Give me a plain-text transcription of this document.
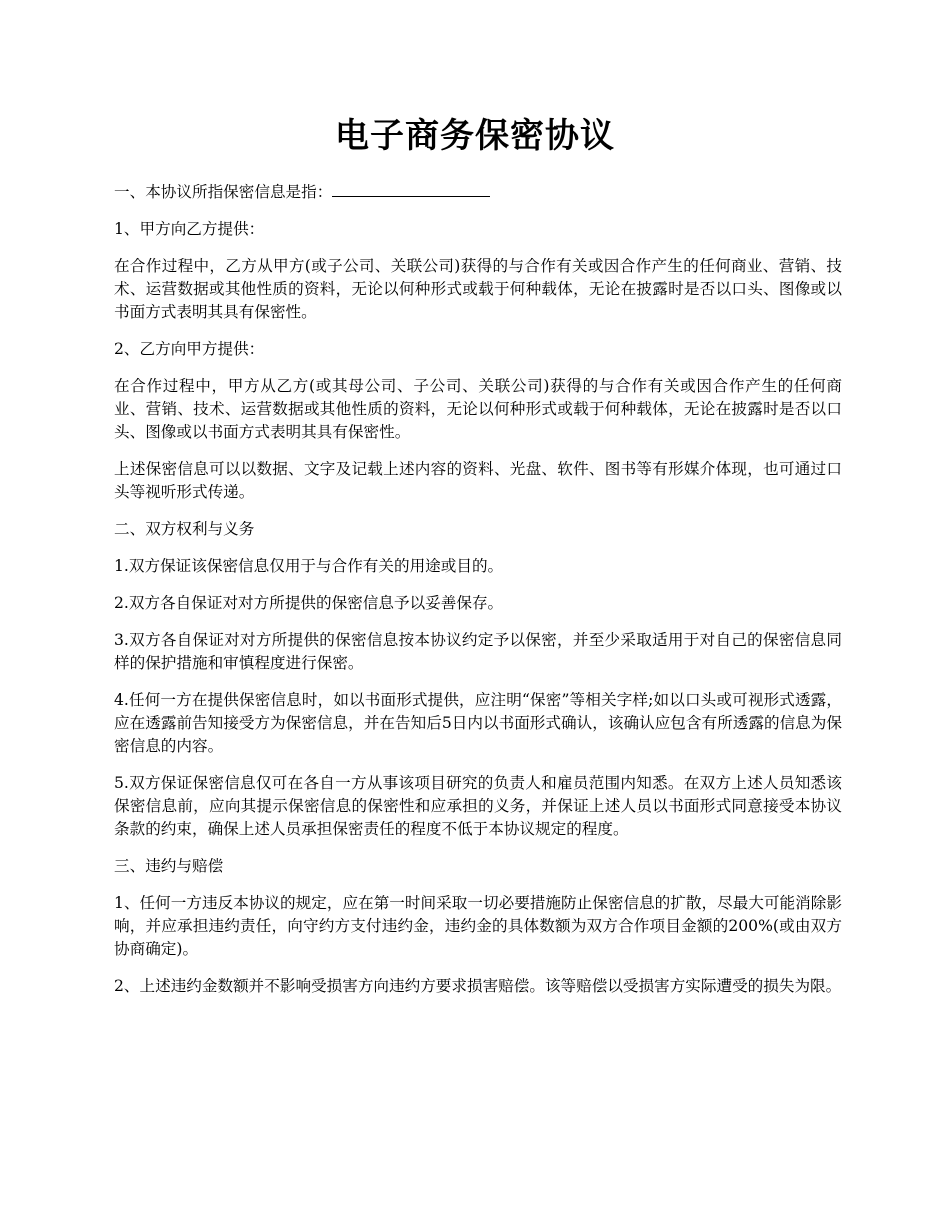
电子商务保密协议

一、本协议所指保密信息是指：

1、甲方向乙方提供：

在合作过程中，乙方从甲方(或子公司、关联公司)获得的与合作有关或因合作产生的任何商业、营销、技术、运营数据或其他性质的资料，无论以何种形式或载于何种载体，无论在披露时是否以口头、图像或以书面方式表明其具有保密性。

2、乙方向甲方提供：

在合作过程中，甲方从乙方(或其母公司、子公司、关联公司)获得的与合作有关或因合作产生的任何商业、营销、技术、运营数据或其他性质的资料，无论以何种形式或载于何种载体，无论在披露时是否以口头、图像或以书面方式表明其具有保密性。

上述保密信息可以以数据、文字及记载上述内容的资料、光盘、软件、图书等有形媒介体现，也可通过口头等视听形式传递。

二、双方权利与义务

1.双方保证该保密信息仅用于与合作有关的用途或目的。

2.双方各自保证对对方所提供的保密信息予以妥善保存。

3.双方各自保证对对方所提供的保密信息按本协议约定予以保密，并至少采取适用于对自己的保密信息同样的保护措施和审慎程度进行保密。

4.任何一方在提供保密信息时，如以书面形式提供，应注明“保密”等相关字样;如以口头或可视形式透露，应在透露前告知接受方为保密信息，并在告知后5日内以书面形式确认，该确认应包含有所透露的信息为保密信息的内容。

5.双方保证保密信息仅可在各自一方从事该项目研究的负责人和雇员范围内知悉。在双方上述人员知悉该保密信息前，应向其提示保密信息的保密性和应承担的义务，并保证上述人员以书面形式同意接受本协议条款的约束，确保上述人员承担保密责任的程度不低于本协议规定的程度。

三、违约与赔偿

1、任何一方违反本协议的规定，应在第一时间采取一切必要措施防止保密信息的扩散，尽最大可能消除影响，并应承担违约责任，向守约方支付违约金，违约金的具体数额为双方合作项目金额的200%(或由双方协商确定)。

2、上述违约金数额并不影响受损害方向违约方要求损害赔偿。该等赔偿以受损害方实际遭受的损失为限。
